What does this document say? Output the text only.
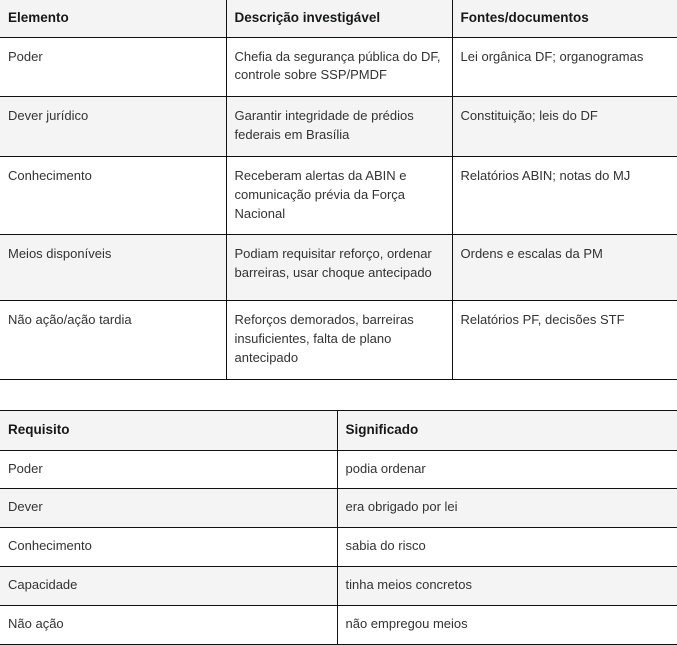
Elemento	Descrição investigável	Fontes/documentos
Poder	Chefia da segurança pública do DF, controle sobre SSP/PMDF	Lei orgânica DF; organogramas
Dever jurídico	Garantir integridade de prédios federais em Brasília	Constituição; leis do DF
Conhecimento	Receberam alertas da ABIN e comunicação prévia da Força Nacional	Relatórios ABIN; notas do MJ
Meios disponíveis	Podiam requisitar reforço, ordenar barreiras, usar choque antecipado	Ordens e escalas da PM
Não ação/ação tardia	Reforços demorados, barreiras insuficientes, falta de plano antecipado	Relatórios PF, decisões STF
Requisito	Significado
Poder	podia ordenar
Dever	era obrigado por lei
Conhecimento	sabia do risco
Capacidade	tinha meios concretos
Não ação	não empregou meios
